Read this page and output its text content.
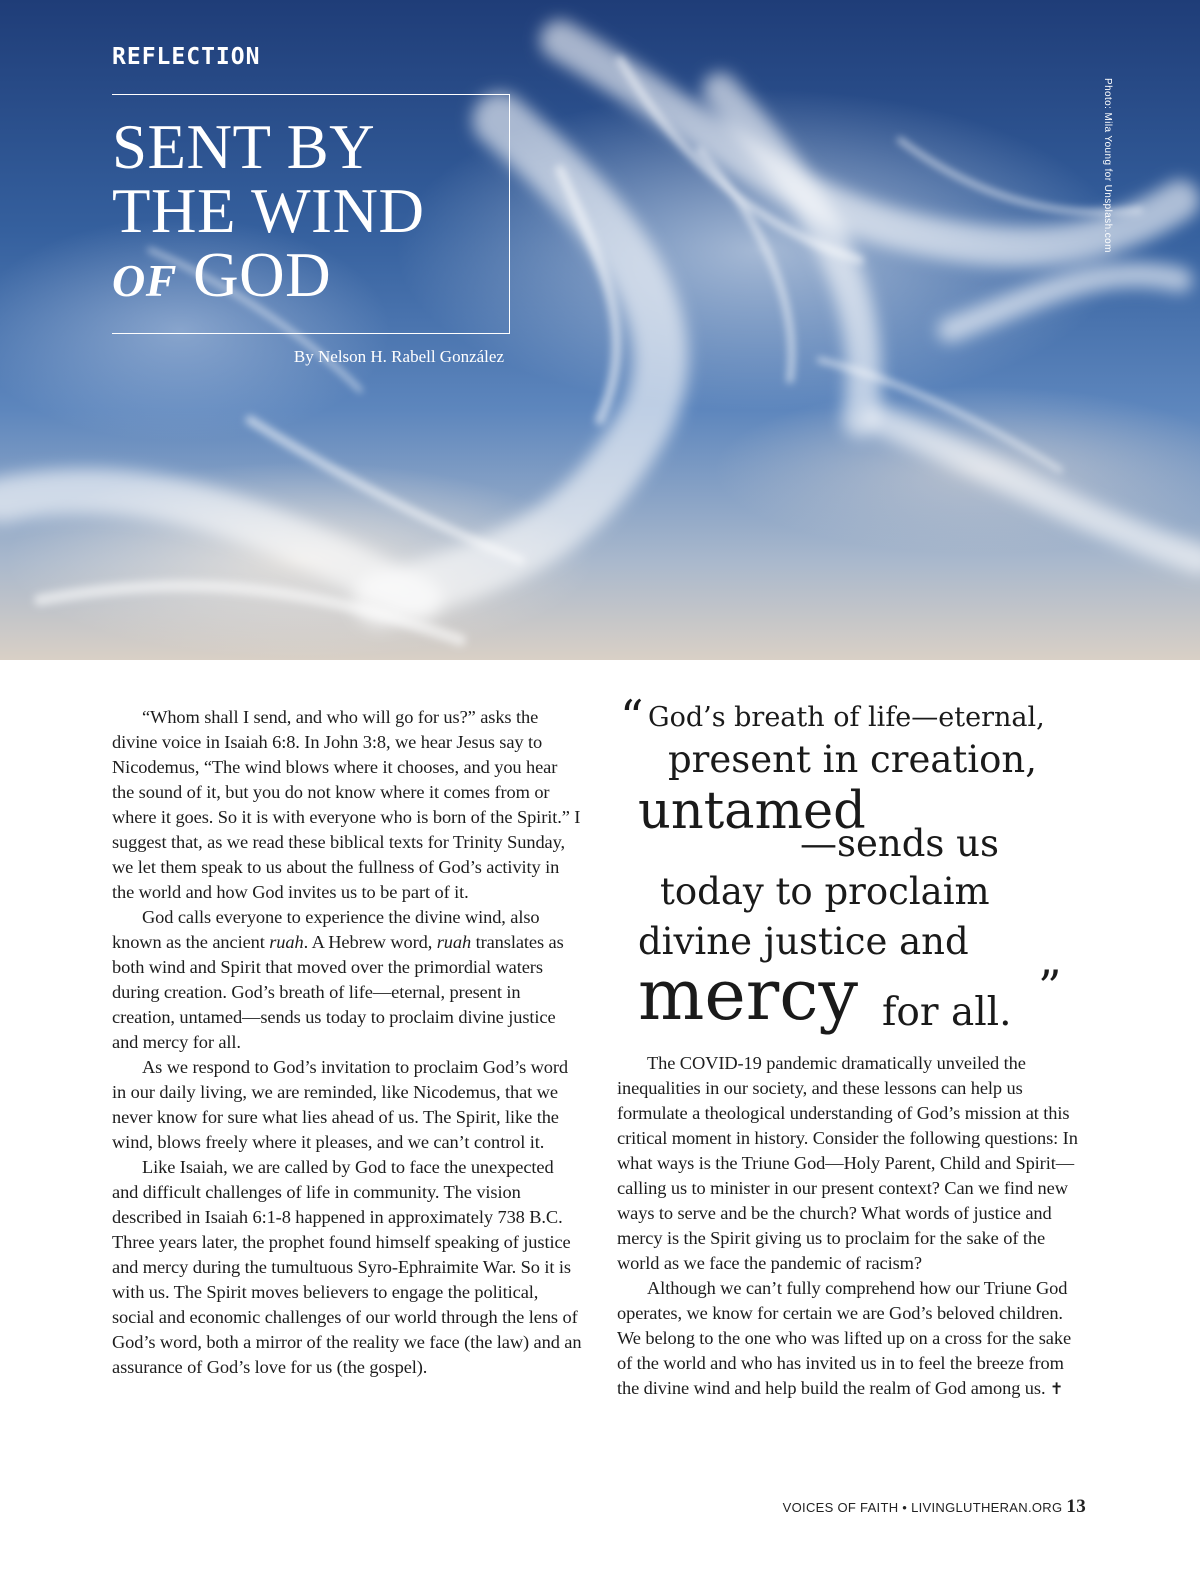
REFLECTION
SENT BY
THE WIND
OF GOD
By Nelson H. Rabell González
Photo: Mila Young for Unsplash.com

“Whom shall I send, and who will go for us?” asks the divine voice in Isaiah 6:8. In John 3:8, we hear Jesus say to Nicodemus, “The wind blows where it chooses, and you hear the sound of it, but you do not know where it comes from or where it goes. So it is with everyone who is born of the Spirit.” I suggest that, as we read these biblical texts for Trinity Sunday, we let them speak to us about the fullness of God’s activity in the world and how God invites us to be part of it.

God calls everyone to experience the divine wind, also known as the ancient ruah. A Hebrew word, ruah translates as both wind and Spirit that moved over the primordial waters during creation. God’s breath of life—eternal, present in creation, untamed—sends us today to proclaim divine justice and mercy for all.

As we respond to God’s invitation to proclaim God’s word in our daily living, we are reminded, like Nicodemus, that we never know for sure what lies ahead of us. The Spirit, like the wind, blows freely where it pleases, and we can’t control it.

Like Isaiah, we are called by God to face the unexpected and difficult challenges of life in community. The vision described in Isaiah 6:1-8 happened in approximately 738 B.C. Three years later, the prophet found himself speaking of justice and mercy during the tumultuous Syro-Ephraimite War. So it is with us. The Spirit moves believers to engage the political, social and economic challenges of our world through the lens of God’s word, both a mirror of the reality we face (the law) and an assurance of God’s love for us (the gospel).

“ God’s breath of life—eternal,
present in creation,
untamed
—sends us
today to proclaim
divine justice and
mercy for all. ”

The COVID-19 pandemic dramatically unveiled the inequalities in our society, and these lessons can help us formulate a theological understanding of God’s mission at this critical moment in history. Consider the following questions: In what ways is the Triune God—Holy Parent, Child and Spirit—calling us to minister in our present context? Can we find new ways to serve and be the church? What words of justice and mercy is the Spirit giving us to proclaim for the sake of the world as we face the pandemic of racism?

Although we can’t fully comprehend how our Triune God operates, we know for certain we are God’s beloved children. We belong to the one who was lifted up on a cross for the sake of the world and who has invited us in to feel the breeze from the divine wind and help build the realm of God among us. ✝

VOICES OF FAITH • LIVINGLUTHERAN.ORG 13
